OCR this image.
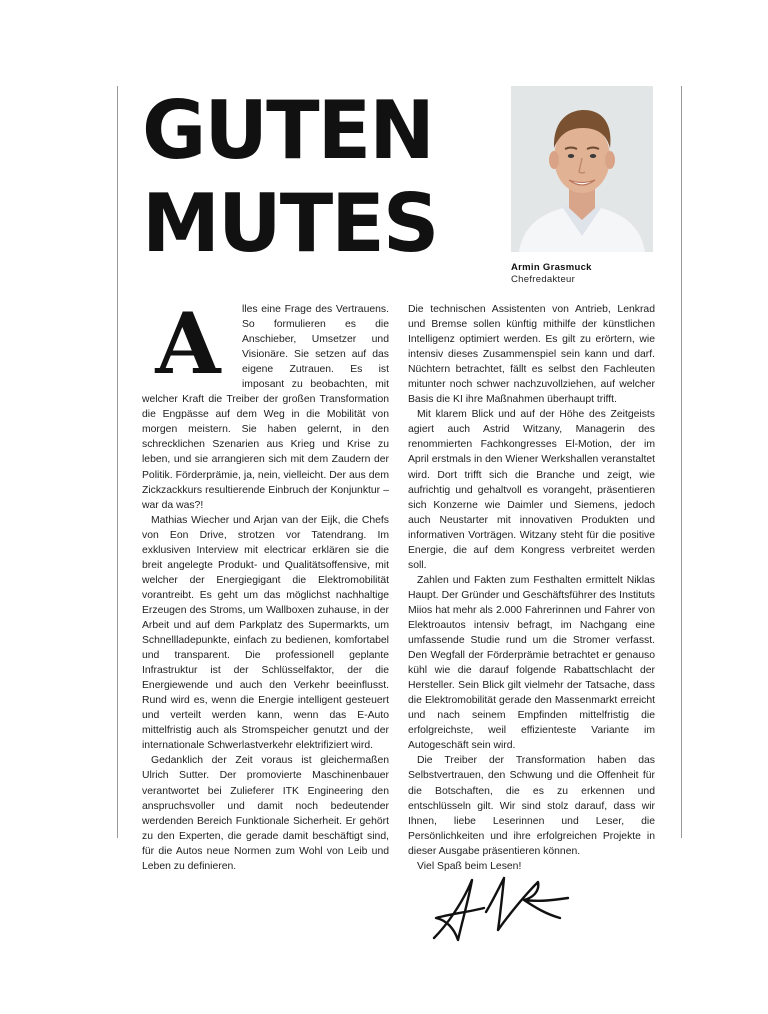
GUTEN
MUTES	Armin Grasmuck
Chefredakteur
A	lles eine Frage des Vertrauens. So formulieren es die Anschieber, Umsetzer und Visionäre. Sie setzen auf das eigene Zutrauen. Es ist imposant zu beobachten, mit welcher Kraft die Treiber der großen Transformation die Engpässe auf dem Weg in die Mobilität von morgen meistern. Sie haben gelernt, in den schrecklichen Szenarien aus Krieg und Krise zu leben, und sie arrangieren sich mit dem Zaudern der Politik. Förderprämie, ja, nein, vielleicht. Der aus dem Zickzackkurs resultierende Einbruch der Konjunktur – war da was?!

Mathias Wiecher und Arjan van der Eijk, die Chefs von Eon Drive, strotzen vor Tatendrang. Im exklusiven Interview mit electricar erklären sie die breit angelegte Produkt- und Qualitätsoffensive, mit welcher der Energiegigant die Elektromobilität vorantreibt. Es geht um das möglichst nachhaltige Erzeugen des Stroms, um Wallboxen zuhause, in der Arbeit und auf dem Parkplatz des Supermarkts, um Schnellladepunkte, einfach zu bedienen, komfortabel und transparent. Die professionell geplante Infrastruktur ist der Schlüsselfaktor, der die Energiewende und auch den Verkehr beeinflusst. Rund wird es, wenn die Energie intelligent gesteuert und verteilt werden kann, wenn das E-Auto mittelfristig auch als Stromspeicher genutzt und der internationale Schwerlastverkehr elektrifiziert wird.

Gedanklich der Zeit voraus ist gleichermaßen Ulrich Sutter. Der promovierte Maschinenbauer verantwortet bei Zulieferer ITK Engineering den anspruchsvoller und damit noch bedeutender werdenden Bereich Funktionale Sicherheit. Er gehört zu den Experten, die gerade damit beschäftigt sind, für die Autos neue Normen zum Wohl von Leib und Leben zu definieren.

Die technischen Assistenten von Antrieb, Lenkrad und Bremse sollen künftig mithilfe der künstlichen Intelligenz optimiert werden. Es gilt zu erörtern, wie intensiv dieses Zusammenspiel sein kann und darf. Nüchtern betrachtet, fällt es selbst den Fachleuten mitunter noch schwer nachzuvollziehen, auf welcher Basis die KI ihre Maßnahmen überhaupt trifft.

Mit klarem Blick und auf der Höhe des Zeitgeists agiert auch Astrid Witzany, Managerin des renommierten Fachkongresses El-Motion, der im April erstmals in den Wiener Werkshallen veranstaltet wird. Dort trifft sich die Branche und zeigt, wie aufrichtig und gehaltvoll es vorangeht, präsentieren sich Konzerne wie Daimler und Siemens, jedoch auch Neustarter mit innovativen Produkten und informativen Vorträgen. Witzany steht für die positive Energie, die auf dem Kongress verbreitet werden soll.

Zahlen und Fakten zum Festhalten ermittelt Niklas Haupt. Der Gründer und Geschäftsführer des Instituts Miios hat mehr als 2.000 Fahrerinnen und Fahrer von Elektroautos intensiv befragt, im Nachgang eine umfassende Studie rund um die Stromer verfasst. Den Wegfall der Förderprämie betrachtet er genauso kühl wie die darauf folgende Rabattschlacht der Hersteller. Sein Blick gilt vielmehr der Tatsache, dass die Elektromobilität gerade den Massenmarkt erreicht und nach seinem Empfinden mittelfristig die erfolgreichste, weil effizienteste Variante im Autogeschäft sein wird.

Die Treiber der Transformation haben das Selbstvertrauen, den Schwung und die Offenheit für die Botschaften, die es zu erkennen und entschlüsseln gilt. Wir sind stolz darauf, dass wir Ihnen, liebe Leserinnen und Leser, die Persönlichkeiten und ihre erfolgreichen Projekte in dieser Ausgabe präsentieren können.

Viel Spaß beim Lesen!
